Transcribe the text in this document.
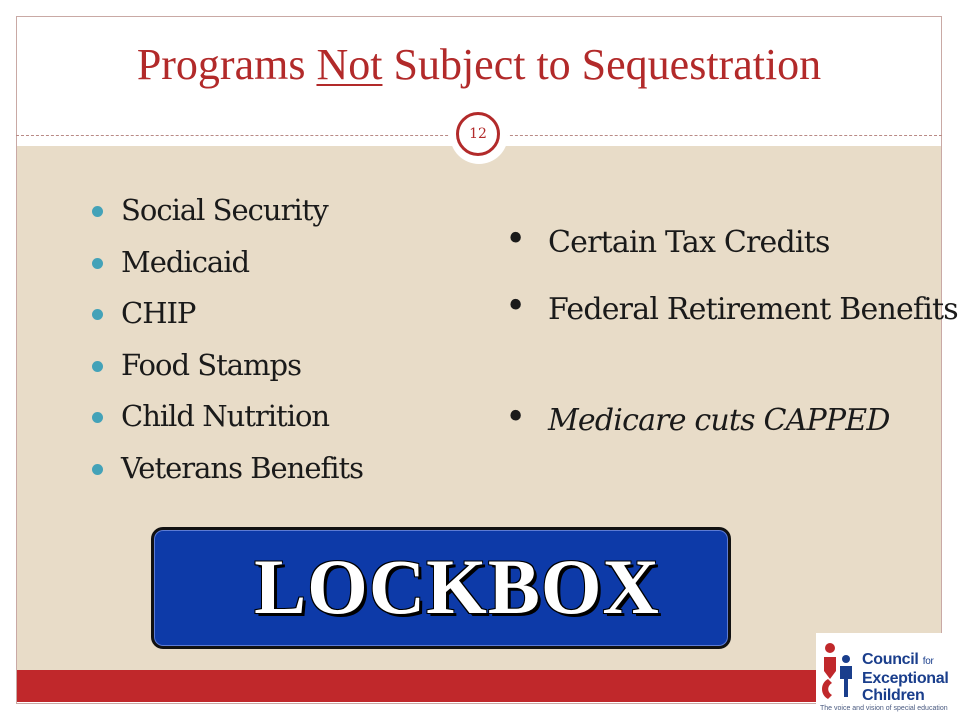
Programs Not Subject to Sequestration
12
Social Security
Medicaid
CHIP
Food Stamps
Child Nutrition
Veterans Benefits
• Certain Tax Credits
• Federal Retirement Benefits
• Medicare cuts CAPPED
LOCKBOX
Council for
Exceptional
Children
The voice and vision of special education
